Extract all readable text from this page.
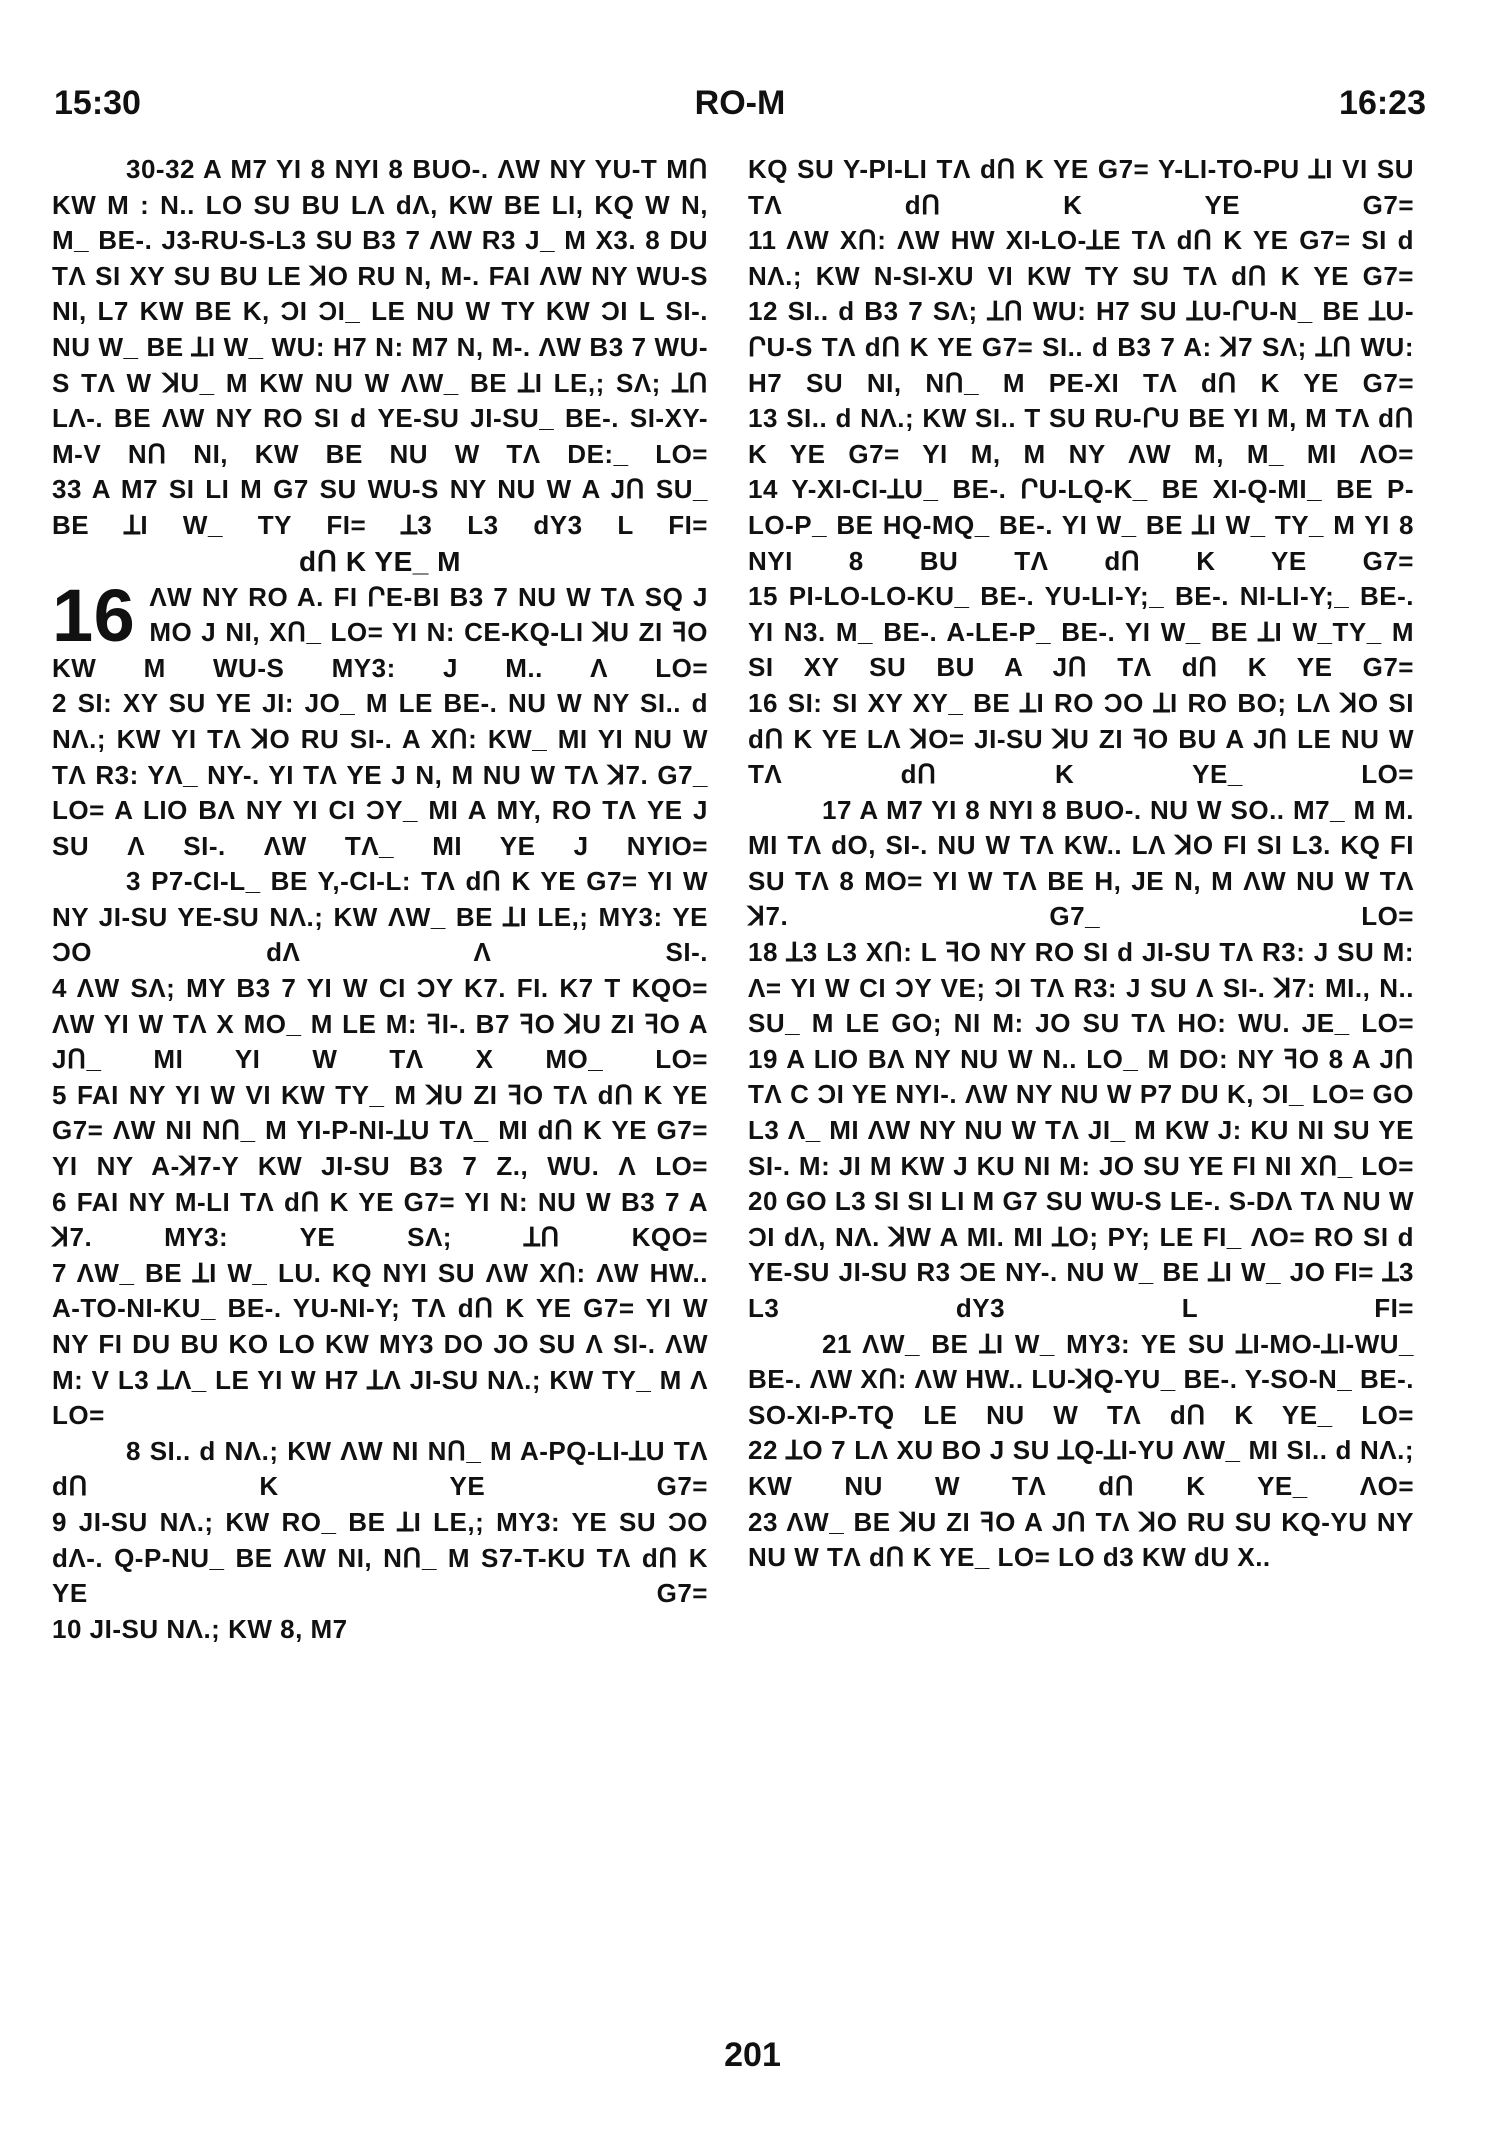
15:30	RO-M	16:23

30-32 A M7 YI 8 NYI 8 BUO-. ΛW NY YU-T MՈ KW M : N.. LO SU BU LΛ ԁΛ, KW BE LI, KQ W N, M_ BE-. J3-RU-S-L3 SU B3 7 ΛW R3 J_ M X3. 8 DU TΛ SI XY SU BU LE ꓘO RU N, M-. FAI ΛW NY WU-S NI, L7 KW BE K, ƆI ƆI_ LE NU W TY KW ƆI L SI-. NU W_ BE ꓕI W_ WU: H7 N: M7 N, M-. ΛW B3 7 WU-S TΛ W ꓘU_ M KW NU W ΛW_ BE ꓕI LE,; SΛ; ꓕՈ LΛ-. BE ΛW NY RO SI ԁ YE-SU JI-SU_ BE-. SI-XY-M-V NՈ NI, KW BE NU W TΛ DE:_ LO=

33 A M7 SI LI M G7 SU WU-S NY NU W A JՈ SU_ BE ꓕI W_ TY FI= ꓕ3 L3 ԁY3 L FI=

ԁՈ K YE_ M

16 ΛW NY RO A. FI ՐE-BI B3 7 NU W TΛ SQ J MO J NI, XՈ_ LO= YI N: CE-KQ-LI ꓘU ZI ꟻO KW M WU-S MY3: J M.. Λ LO=

2 SI: XY SU YE JI: JO_ M LE BE-. NU W NY SI.. ԁ NΛ.; KW YI TΛ ꓘO RU SI-. A XՈ: KW_ MI YI NU W TΛ R3: YΛ_ NY-. YI TΛ YE J N, M NU W TΛ ꓘ7. G7_ LO= A LIO BΛ NY YI CI ƆY_ MI A MY, RO TΛ YE J SU Λ SI-. ΛW TΛ_ MI YE J NYIO=

3 P7-CI-L_ BE Y,-CI-L: TΛ ԁՈ K YE G7= YI W NY JI-SU YE-SU NΛ.; KW ΛW_ BE ꓕI LE,; MY3: YE ƆO ԁΛ Λ SI-.

4 ΛW SΛ; MY B3 7 YI W CI ƆY K7. FI. K7 T KQO= ΛW YI W TΛ X MO_ M LE M: ꟻI-. B7 ꟻO ꓘU ZI ꟻO A JՈ_ MI YI W TΛ X MO_ LO=

5 FAI NY YI W VI KW TY_ M ꓘU ZI ꟻO TΛ ԁՈ K YE G7= ΛW NI NՈ_ M YI-P-NI-ꓕU TΛ_ MI ԁՈ K YE G7= YI NY A-ꓘ7-Y KW JI-SU B3 7 Z., WU. Λ LO=

6 FAI NY M-LI TΛ ԁՈ K YE G7= YI N: NU W B3 7 A ꓘ7. MY3: YE SΛ; ꓕՈ KQO=

7 ΛW_ BE ꓕI W_ LU. KQ NYI SU ΛW XՈ: ΛW HW.. A-TO-NI-KU_ BE-. YU-NI-Y; TΛ ԁՈ K YE G7= YI W NY FI DU BU KO LO KW MY3 DO JO SU Λ SI-. ΛW M: V L3 ꓕΛ_ LE YI W H7 ꓕΛ JI-SU NΛ.; KW TY_ M Λ LO=

8 SI.. ԁ NΛ.; KW ΛW NI NՈ_ M A-PQ-LI-ꓕU TΛ ԁՈ K YE G7=

9 JI-SU NΛ.; KW RO_ BE ꓕI LE,; MY3: YE SU ƆO ԁΛ-. Q-P-NU_ BE ΛW NI, NՈ_ M S7-T-KU TΛ ԁՈ K YE G7=

10 JI-SU NΛ.; KW 8, M7

KQ SU Y-PI-LI TΛ ԁՈ K YE G7= Y-LI-TO-PU ꓕI VI SU TΛ ԁՈ K YE G7=

11 ΛW XՈ: ΛW HW XI-LO-ꓕE TΛ ԁՈ K YE G7= SI ԁ NΛ.; KW N-SI-XU VI KW TY SU TΛ ԁՈ K YE G7=

12 SI.. ԁ B3 7 SΛ; ꓕՈ WU: H7 SU ꓕU-ՐU-N_ BE ꓕU-ՐU-S TΛ ԁՈ K YE G7= SI.. ԁ B3 7 A: ꓘ7 SΛ; ꓕՈ WU: H7 SU NI, NՈ_ M PE-XI TΛ ԁՈ K YE G7=

13 SI.. ԁ NΛ.; KW SI.. T SU RU-ՐU BE YI M, M TΛ ԁՈ K YE G7= YI M, M NY ΛW M, M_ MI ΛO=

14 Y-XI-CI-ꓕU_ BE-. ՐU-LQ-K_ BE XI-Q-MI_ BE P-LO-P_ BE HQ-MQ_ BE-. YI W_ BE ꓕI W_ TY_ M YI 8 NYI 8 BU TΛ ԁՈ K YE G7=

15 PI-LO-LO-KU_ BE-. YU-LI-Y;_ BE-. NI-LI-Y;_ BE-. YI N3. M_ BE-. A-LE-P_ BE-. YI W_ BE ꓕI W_TY_ M SI XY SU BU A JՈ TΛ ԁՈ K YE G7=

16 SI: SI XY XY_ BE ꓕI RO ƆO ꓕI RO BO; LΛ ꓘO SI ԁՈ K YE LΛ ꓘO= JI-SU ꓘU ZI ꟻO BU A JՈ LE NU W TΛ ԁՈ K YE_ LO=

17 A M7 YI 8 NYI 8 BUO-. NU W SO.. M7_ M M. MI TΛ ԁO, SI-. NU W TΛ KW.. LΛ ꓘO FI SI L3. KQ FI SU TΛ 8 MO= YI W TΛ BE H, JE N, M ΛW NU W TΛ ꓘ7. G7_ LO=

18 ꓕ3 L3 XՈ: L ꟻO NY RO SI ԁ JI-SU TΛ R3: J SU M: Λ= YI W CI ƆY VE; ƆI TΛ R3: J SU Λ SI-. ꓘ7: MI., N.. SU_ M LE GO; NI M: JO SU TΛ HO: WU. JE_ LO=

19 A LIO BΛ NY NU W N.. LO_ M DO: NY ꟻO 8 A JՈ TΛ C ƆI YE NYI-. ΛW NY NU W P7 DU K, ƆI_ LO= GO L3 Λ_ MI ΛW NY NU W TΛ JI_ M KW J: KU NI SU YE SI-. M: JI M KW J KU NI M: JO SU YE FI NI XՈ_ LO=

20 GO L3 SI SI LI M G7 SU WU-S LE-. S-DΛ TΛ NU W ƆI ԁΛ, NΛ. ꓘW A MI. MI ꓕO; PY; LE FI_ ΛO= RO SI ԁ YE-SU JI-SU R3 ƆE NY-. NU W_ BE ꓕI W_ JO FI= ꓕ3 L3 ԁY3 L FI=

21 ΛW_ BE ꓕI W_ MY3: YE SU ꓕI-MO-ꓕI-WU_ BE-. ΛW XՈ: ΛW HW.. LU-ꓘQ-YU_ BE-. Y-SO-N_ BE-. SO-XI-P-TQ LE NU W TΛ ԁՈ K YE_ LO=

22 ꓕO 7 LΛ XU BO J SU ꓕQ-ꓕI-YU ΛW_ MI SI.. ԁ NΛ.; KW NU W TΛ ԁՈ K YE_ ΛO=

23 ΛW_ BE ꓘU ZI ꟻO A JՈ TΛ ꓘO RU SU KQ-YU NY NU W TΛ ԁՈ K YE_ LO= LO ԁ3 KW ԁU X..

201
